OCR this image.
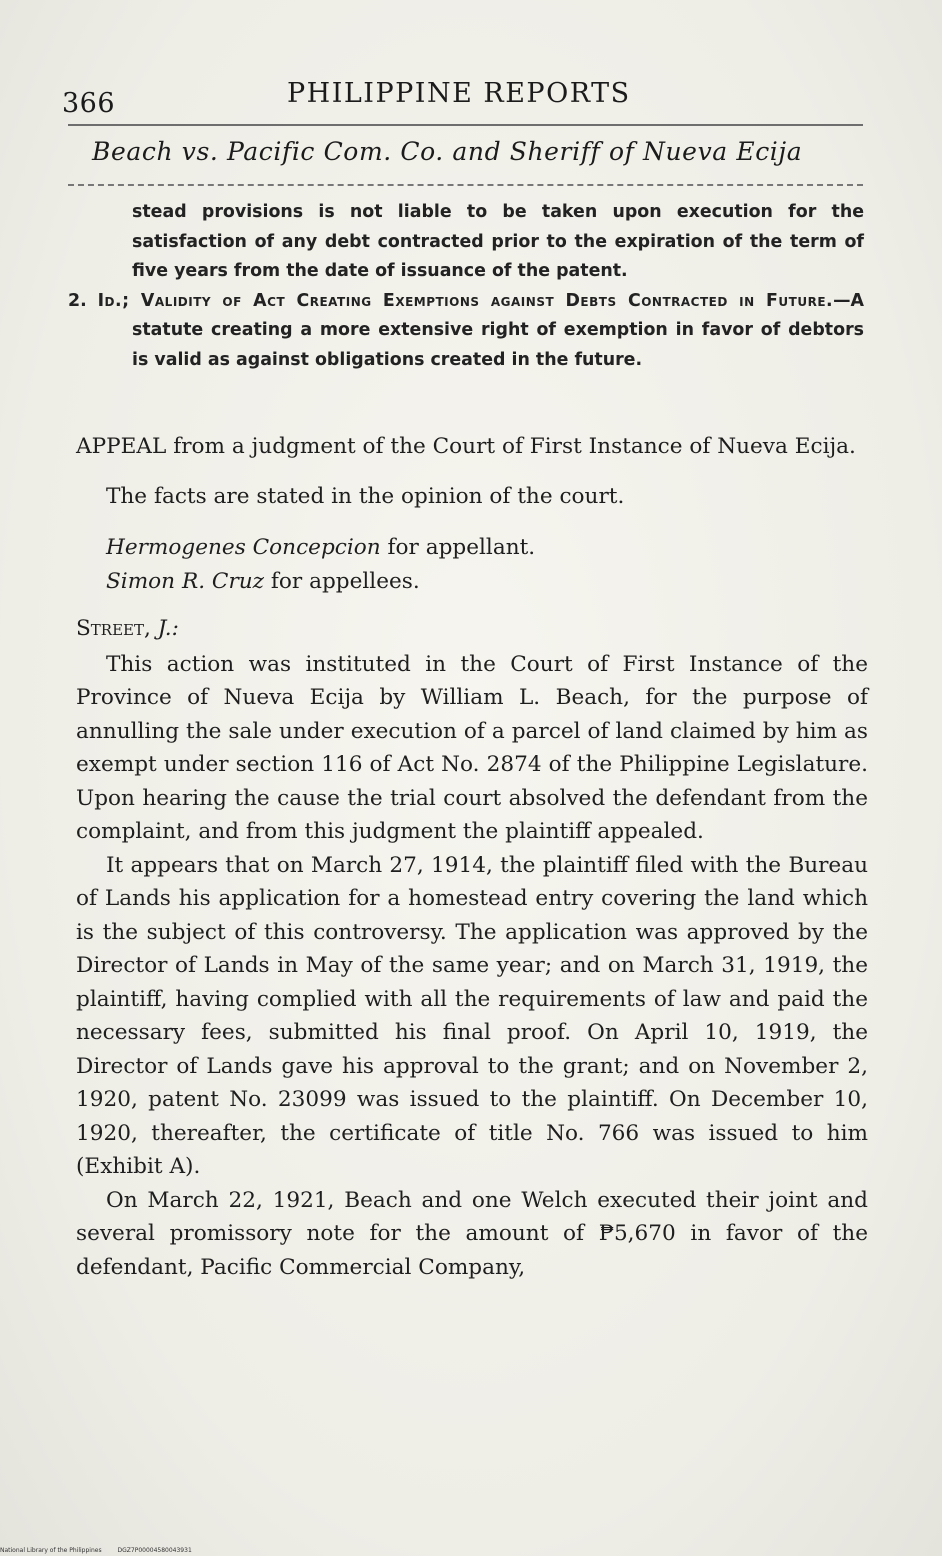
366	PHILIPPINE REPORTS
Beach vs. Pacific Com. Co. and Sheriff of Nueva Ecija
stead provisions is not liable to be taken upon execution for the satisfaction of any debt contracted prior to the expiration of the term of five years from the date of issuance of the patent.
2. Id.; Validity of Act Creating Exemptions against Debts Contracted in Future.—A statute creating a more extensive right of exemption in favor of debtors is valid as against obligations created in the future.

APPEAL from a judgment of the Court of First Instance of Nueva Ecija.

The facts are stated in the opinion of the court.

Hermogenes Concepcion for appellant.

Simon R. Cruz for appellees.

Street, J.:

This action was instituted in the Court of First Instance of the Province of Nueva Ecija by William L. Beach, for the purpose of annulling the sale under execution of a parcel of land claimed by him as exempt under section 116 of Act No. 2874 of the Philippine Legislature. Upon hearing the cause the trial court absolved the defendant from the complaint, and from this judgment the plaintiff appealed.

It appears that on March 27, 1914, the plaintiff filed with the Bureau of Lands his application for a homestead entry covering the land which is the subject of this controversy. The application was approved by the Director of Lands in May of the same year; and on March 31, 1919, the plaintiff, having complied with all the requirements of law and paid the necessary fees, submitted his final proof. On April 10, 1919, the Director of Lands gave his approval to the grant; and on November 2, 1920, patent No. 23099 was issued to the plaintiff. On December 10, 1920, thereafter, the certificate of title No. 766 was issued to him (Exhibit A).

On March 22, 1921, Beach and one Welch executed their joint and several promissory note for the amount of ₱5,670 in favor of the defendant, Pacific Commercial Company,

National Library of the Philippines	DGZ7P00004580043931
